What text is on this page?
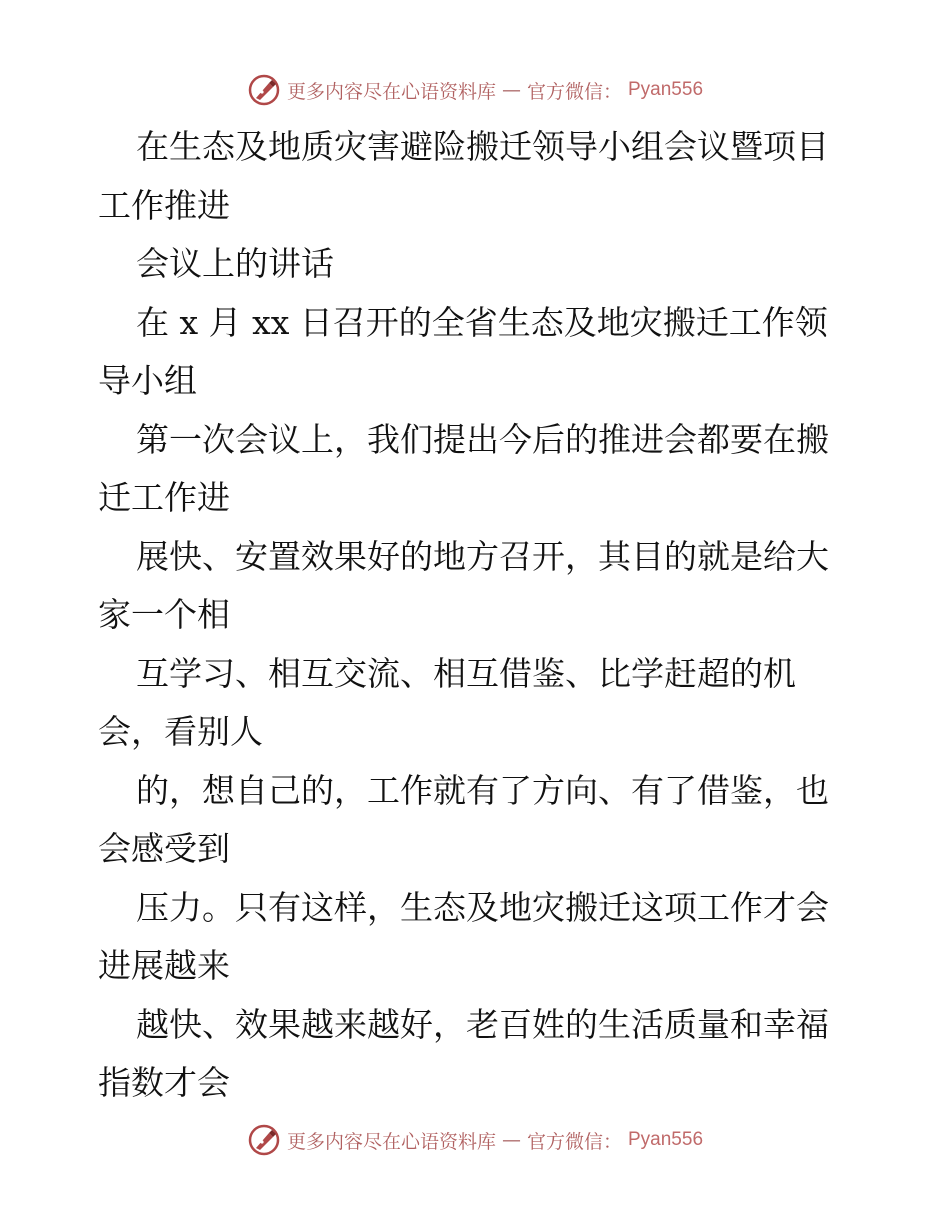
更多内容尽在心语资料库 — 官方微信： Pyan556

在生态及地质灾害避险搬迁领导小组会议暨项目工作推进

会议上的讲话

在 x 月 xx 日召开的全省生态及地灾搬迁工作领导小组

第一次会议上，我们提出今后的推进会都要在搬迁工作进

展快、安置效果好的地方召开，其目的就是给大家一个相

互学习、相互交流、相互借鉴、比学赶超的机会，看别人

的，想自己的，工作就有了方向、有了借鉴，也会感受到

压力。只有这样，生态及地灾搬迁这项工作才会进展越来

越快、效果越来越好，老百姓的生活质量和幸福指数才会

更多内容尽在心语资料库 — 官方微信： Pyan556
